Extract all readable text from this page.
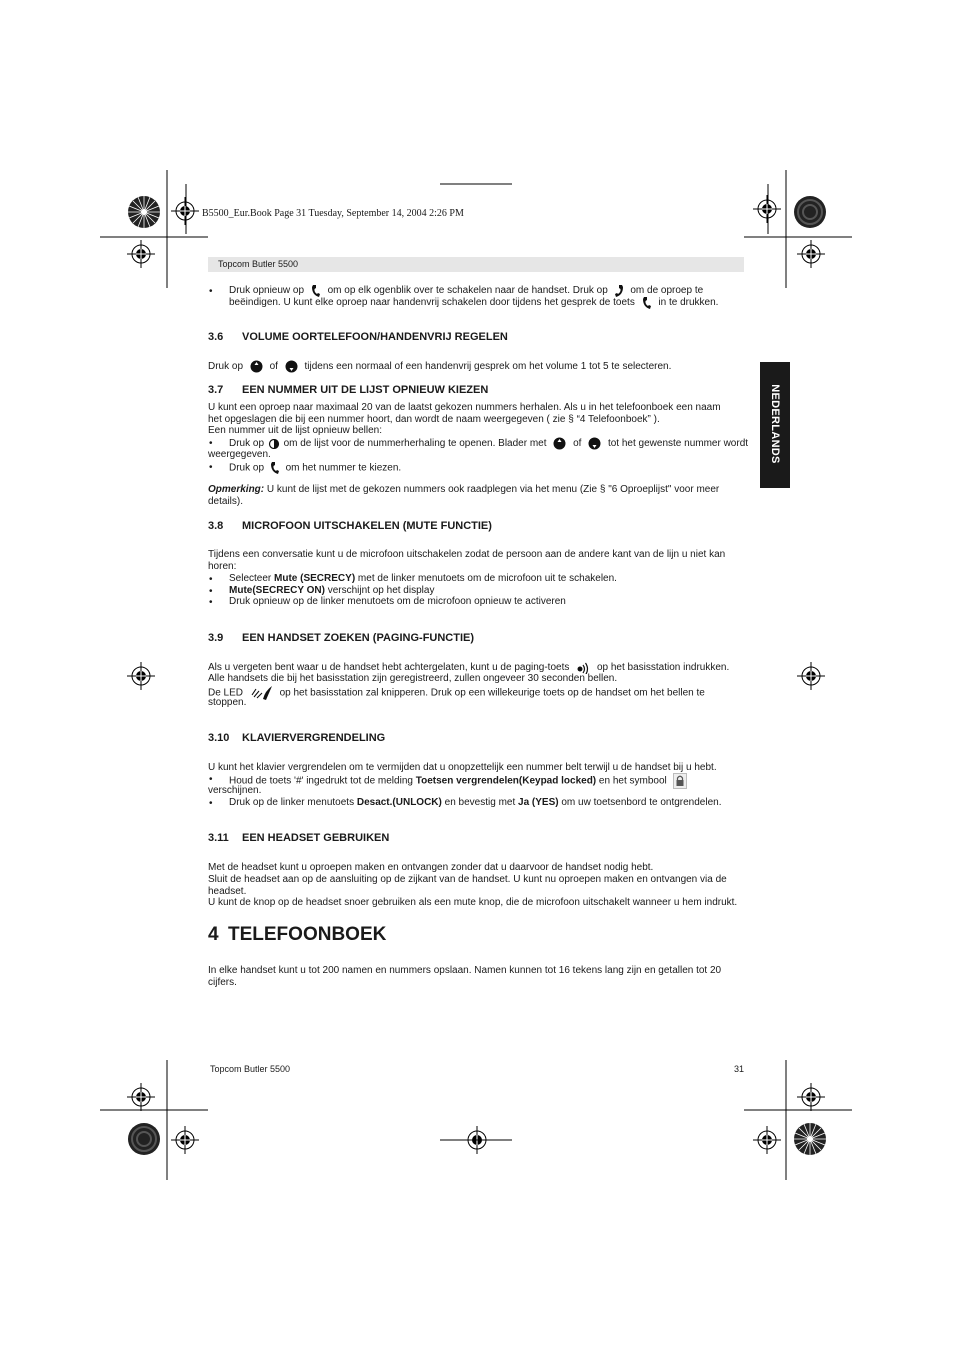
B5500_Eur.Book Page 31 Tuesday, September 14, 2004 2:26 PM
Topcom Butler 5500
NEDERLANDS
• Druk opnieuw op om op elk ogenblik over te schakelen naar de handset. Druk op om de oproep te
beëindigen. U kunt elke oproep naar handenvrij schakelen door tijdens het gesprek de toets in te drukken.
3.6 VOLUME OORTELEFOON/HANDENVRIJ REGELEN
Druk op	of	tijdens een normaal of een handenvrij gesprek om het volume 1 tot 5 te selecteren.
3.7 EEN NUMMER UIT DE LIJST OPNIEUW KIEZEN
U kunt een oproep naar maximaal 20 van de laatst gekozen nummers herhalen. Als u in het telefoonboek een naam
het opgeslagen die bij een nummer hoort, dan wordt de naam weergegeven ( zie § “4 Telefoonboek” ).
Een nummer uit de lijst opnieuw bellen:
• Druk op om de lijst voor de nummerherhaling te openen. Blader met	of	tot het gewenste nummer wordt
weergegeven.
• Druk op om het nummer te kiezen.
Opmerking: U kunt de lijst met de gekozen nummers ook raadplegen via het menu (Zie § "6 Oproeplijst" voor meer
details).
3.8 MICROFOON UITSCHAKELEN (MUTE FUNCTIE)
Tijdens een conversatie kunt u de microfoon uitschakelen zodat de persoon aan de andere kant van de lijn u niet kan
horen:
• Selecteer Mute (SECRECY) met de linker menutoets om de microfoon uit te schakelen.
• Mute(SECRECY ON) verschijnt op het display
• Druk opnieuw op de linker menutoets om de microfoon opnieuw te activeren
3.9 EEN HANDSET ZOEKEN (PAGING-FUNCTIE)
Als u vergeten bent waar u de handset hebt achtergelaten, kunt u de paging-toets	op het basisstation indrukken.
Alle handsets die bij het basisstation zijn geregistreerd, zullen ongeveer 30 seconden bellen.
De LED	op het basisstation zal knipperen. Druk op een willekeurige toets op de handset om het bellen te
stoppen.
3.10 KLAVIERVERGRENDELING
U kunt het klavier vergrendelen om te vermijden dat u onopzettelijk een nummer belt terwijl u de handset bij u hebt.
• Houd de toets '#' ingedrukt tot de melding Toetsen vergrendelen(Keypad locked) en het symbool
verschijnen.
• Druk op de linker menutoets Desact.(UNLOCK) en bevestig met Ja (YES) om uw toetsenbord te ontgrendelen.
3.11 EEN HEADSET GEBRUIKEN
Met de headset kunt u oproepen maken en ontvangen zonder dat u daarvoor de handset nodig hebt.
Sluit de headset aan op de aansluiting op de zijkant van de handset. U kunt nu oproepen maken en ontvangen via de
headset.
U kunt de knop op de headset snoer gebruiken als een mute knop, die de microfoon uitschakelt wanneer u hem indrukt.
4 TELEFOONBOEK
In elke handset kunt u tot 200 namen en nummers opslaan. Namen kunnen tot 16 tekens lang zijn en getallen tot 20
cijfers.
Topcom Butler 5500	31
